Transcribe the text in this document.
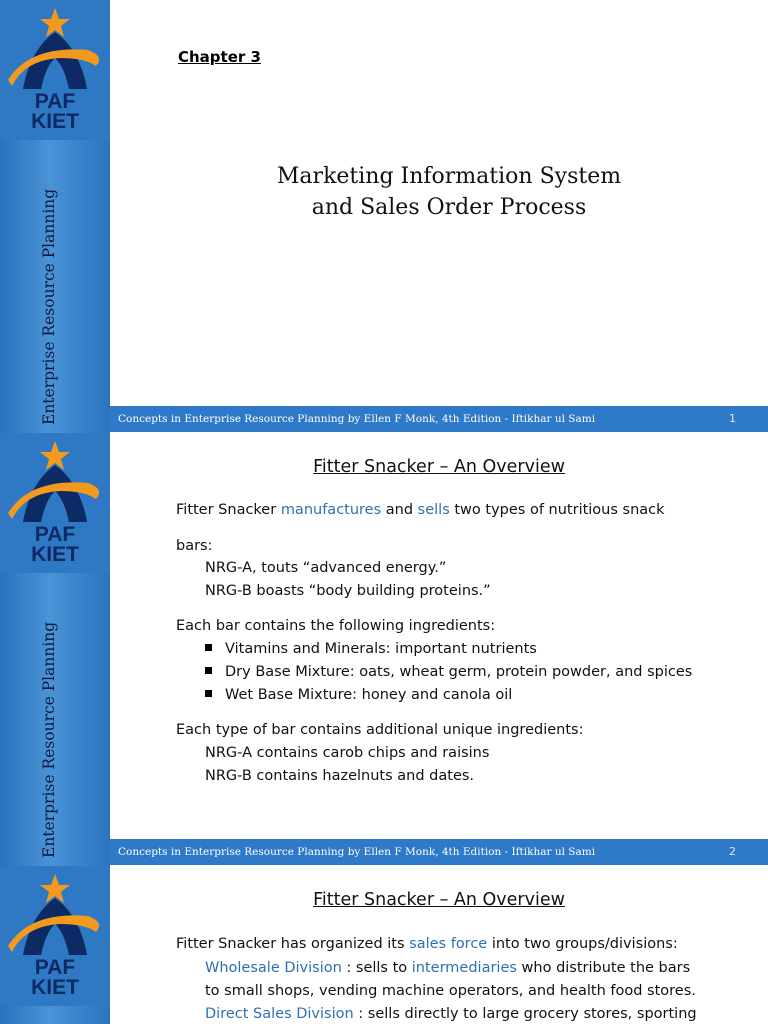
PAF
KIET
Enterprise Resource Planning
Chapter 3
Marketing Information System
and Sales Order Process
Concepts in Enterprise Resource Planning by Ellen F Monk, 4th Edition - Iftikhar ul Sami	1
PAF
KIET
Enterprise Resource Planning
Fitter Snacker – An Overview
Fitter Snacker manufactures and sells two types of nutritious snack
bars:
NRG-A, touts “advanced energy.”
NRG-B boasts “body building proteins.”
Each bar contains the following ingredients:
Vitamins and Minerals: important nutrients
Dry Base Mixture: oats, wheat germ, protein powder, and spices
Wet Base Mixture: honey and canola oil
Each type of bar contains additional unique ingredients:
NRG-A contains carob chips and raisins
NRG-B contains hazelnuts and dates.
Concepts in Enterprise Resource Planning by Ellen F Monk, 4th Edition - Iftikhar ul Sami	2
PAF
KIET
Fitter Snacker – An Overview
Fitter Snacker has organized its sales force into two groups/divisions:
Wholesale Division : sells to intermediaries who distribute the bars
to small shops, vending machine operators, and health food stores.
Direct Sales Division : sells directly to large grocery stores, sporting
